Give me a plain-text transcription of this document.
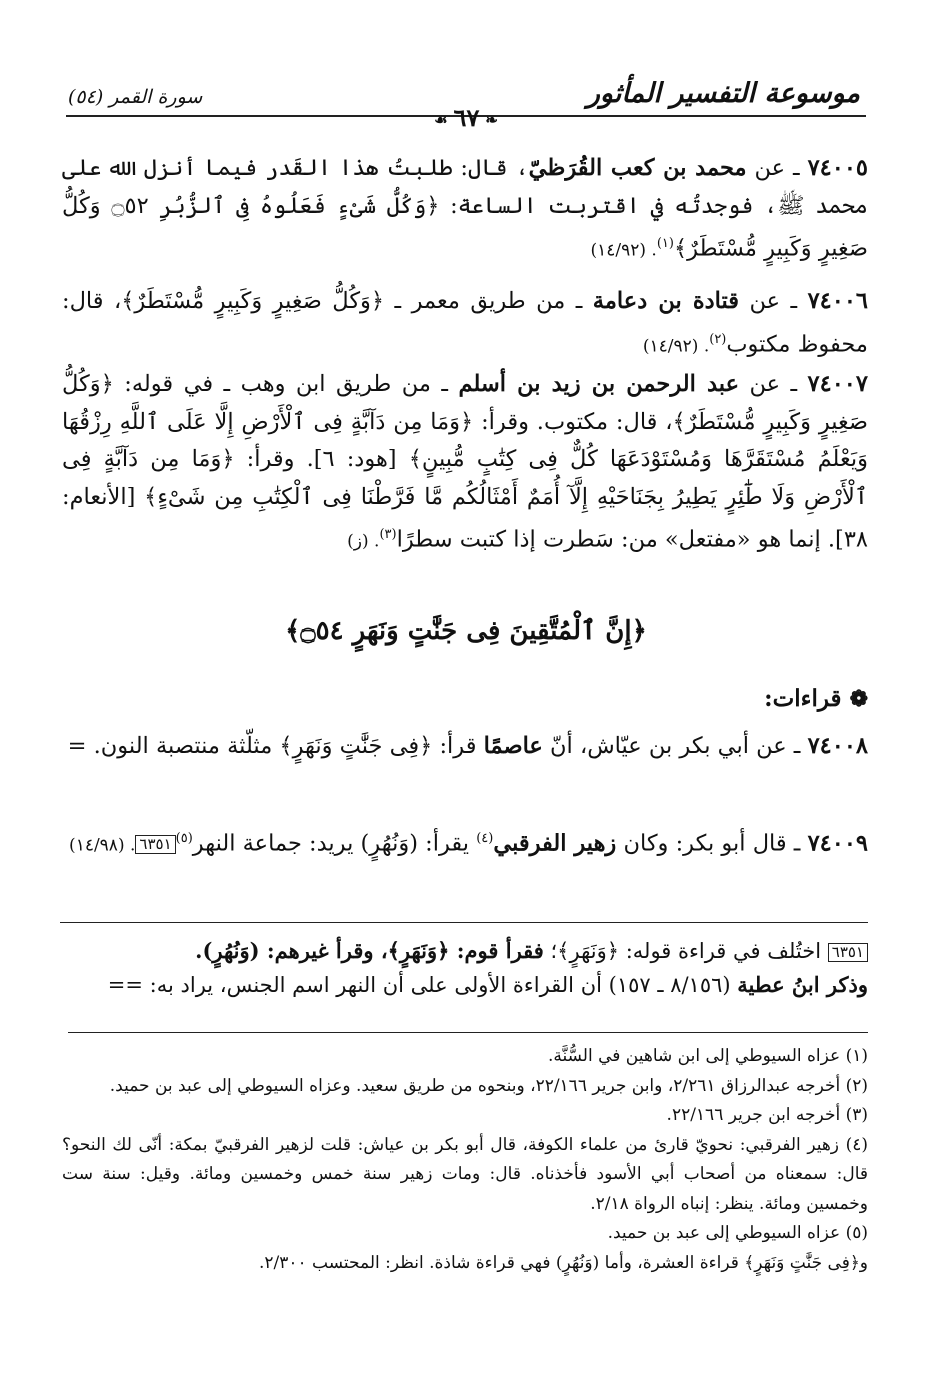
موسوعة التفسير المأثور
سورة القمر (٥٤)
❧٦٧☙
٧٤٠٠٥ ـ عن محمد بن كعب القُرَظيّ، قال: طلبتُ هذا القَدر فيما أنزل الله على محمد ﷺ، فوجدتُه في اقتربت الساعة: ﴿وَكُلُّ شَىْءٍ فَعَلُوهُ فِى ٱلزُّبُرِ ۝٥٢ وَكُلُّ صَغِيرٍ وَكَبِيرٍ مُّسْتَطَرٌ﴾$^{(١)}$. (١٤/٩٢)
٧٤٠٠٦ ـ عن قتادة بن دعامة ـ من طريق معمر ـ ﴿وَكُلُّ صَغِيرٍ وَكَبِيرٍ مُّسْتَطَرٌ﴾، قال: محفوظ مكتوب$^{(٢)}$. (١٤/٩٢)
٧٤٠٠٧ ـ عن عبد الرحمن بن زيد بن أسلم ـ من طريق ابن وهب ـ في قوله: ﴿وَكُلُّ صَغِيرٍ وَكَبِيرٍ مُّسْتَطَرٌ﴾، قال: مكتوب. وقرأ: ﴿وَمَا مِن دَآبَّةٍ فِى ٱلْأَرْضِ إِلَّا عَلَى ٱللَّهِ رِزْقُهَا وَيَعْلَمُ مُسْتَقَرَّهَا وَمُسْتَوْدَعَهَا كُلٌّ فِى كِتَٰبٍ مُّبِينٍ﴾ [هود: ٦]. وقرأ: ﴿وَمَا مِن دَآبَّةٍ فِى ٱلْأَرْضِ وَلَا طَٰٓئِرٍ يَطِيرُ بِجَنَاحَيْهِ إِلَّآ أُمَمٌ أَمْثَالُكُم مَّا فَرَّطْنَا فِى ٱلْكِتَٰبِ مِن شَىْءٍ﴾ [الأنعام: ٣٨]. إنما هو «مفتعل» من: سَطرت إذا كتبت سطرًا$^{(٣)}$. (ز)
﴿إِنَّ ٱلْمُتَّقِينَ فِى جَنَّٰتٍ وَنَهَرٍ ۝٥٤﴾
❁قراءات:
٧٤٠٠٨ ـ عن أبي بكر بن عيّاش، أنّ عاصمًا قرأ: ﴿فِى جَنَّٰتٍ وَنَهَرٍ﴾ مثلّثة منتصبة النون. =
٧٤٠٠٩ ـ قال أبو بكر: وكان زهير الفرقبي$^{(٤)}$ يقرأ: (وَنُهُرٍ) يريد: جماعة النهر$^{(٥)}$٦٣٥١. (١٤/٩٨)
٦٣٥١ اختُلف في قراءة قوله: ﴿وَنَهَرٍ﴾؛ فقرأ قوم: ﴿وَنَهَرٍ﴾، وقرأ غيرهم: (وَنُهُرٍ).
وذكر ابنُ عطية (٨/١٥٦ ـ ١٥٧) أن القراءة الأولى على أن النهر اسم الجنس، يراد به: ==
(١) عزاه السيوطي إلى ابن شاهين في السُّنَّة.
(٢) أخرجه عبدالرزاق ٢/٢٦١، وابن جرير ٢٢/١٦٦، وبنحوه من طريق سعيد. وعزاه السيوطي إلى عبد بن حميد.
(٣) أخرجه ابن جرير ٢٢/١٦٦.
(٤) زهير الفرقبي: نحويّ قارئ من علماء الكوفة، قال أبو بكر بن عياش: قلت لزهير الفرقبيّ بمكة: أنّى لك النحو؟ قال: سمعناه من أصحاب أبي الأسود فأخذناه. قال: ومات زهير سنة خمس وخمسين ومائة. وقيل: سنة ست وخمسين ومائة. ينظر: إنباه الرواة ٢/١٨.
(٥) عزاه السيوطي إلى عبد بن حميد.
و﴿فِى جَنَّٰتٍ وَنَهَرٍ﴾ قراءة العشرة، وأما (وَنُهُرٍ) فهي قراءة شاذة. انظر: المحتسب ٢/٣٠٠.
